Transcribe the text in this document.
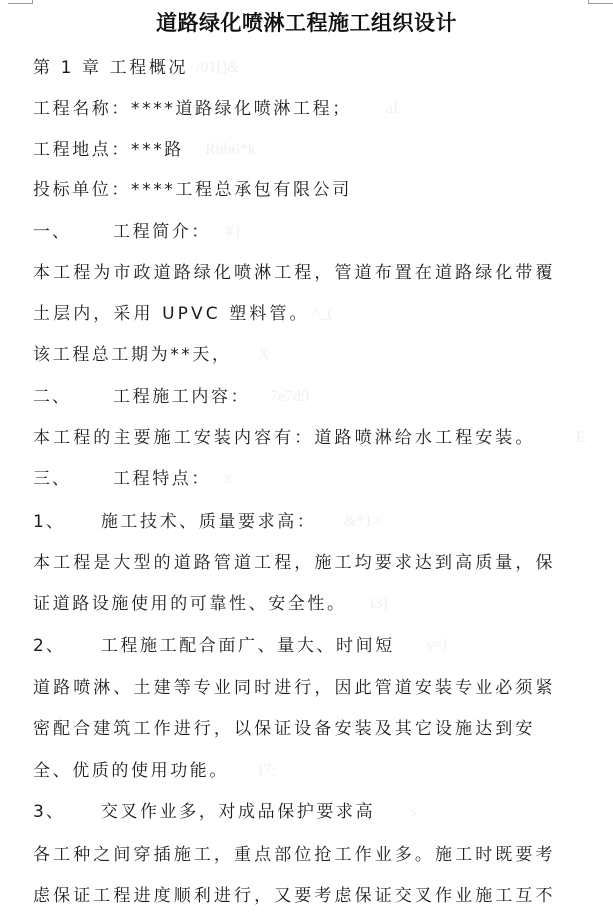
道路绿化喷淋工程施工组织设计
第 1 章 工程概况 /01[]&
工程名称：****道路绿化喷淋工程； af
工程地点：***路 Rhb6*k
投标单位：****工程总承包有限公司
一、 工程简介： #}
本工程为市政道路绿化喷淋工程，管道布置在道路绿化带覆
土层内，采用 UPVC 塑料管。 ^_(
该工程总工期为**天， X
二、 工程施工内容： 7e7d9
本工程的主要施工安装内容有：道路喷淋给水工程安装。	E
三、 工程特点： x
1、 施工技术、质量要求高： &*1>
本工程是大型的道路管道工程，施工均要求达到高质量，保
证道路设施使用的可靠性、安全性。 i3)
2、 工程施工配合面广、量大、时间短 v=l
道路喷淋、土建等专业同时进行，因此管道安装专业必须紧
密配合建筑工作进行，以保证设备安装及其它设施达到安
全、优质的使用功能。 I7;
3、 交叉作业多，对成品保护要求高 s
各工种之间穿插施工，重点部位抢工作业多。施工时既要考
虑保证工程进度顺利进行，又要考虑保证交叉作业施工互不
